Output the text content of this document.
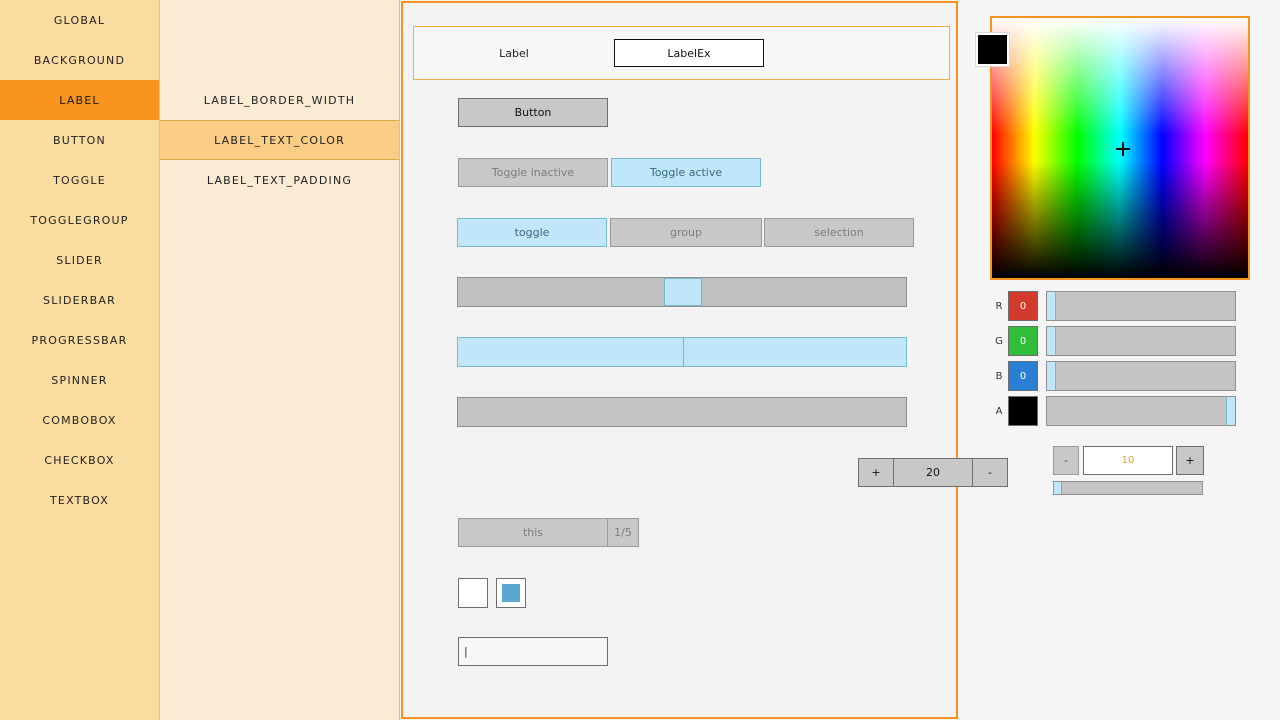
GLOBAL
BACKGROUND
LABEL
BUTTON
TOGGLE
TOGGLEGROUP
SLIDER
SLIDERBAR
PROGRESSBAR
SPINNER
COMBOBOX
CHECKBOX
TEXTBOX
LABEL_BORDER_WIDTH
LABEL_TEXT_COLOR
LABEL_TEXT_PADDING
Label	LabelEx
Button
Toggle inactive	Toggle active
toggle	group	selection
+	20	-
this	1/5
|
R	0
G	0
B	0
A
-	10	+
